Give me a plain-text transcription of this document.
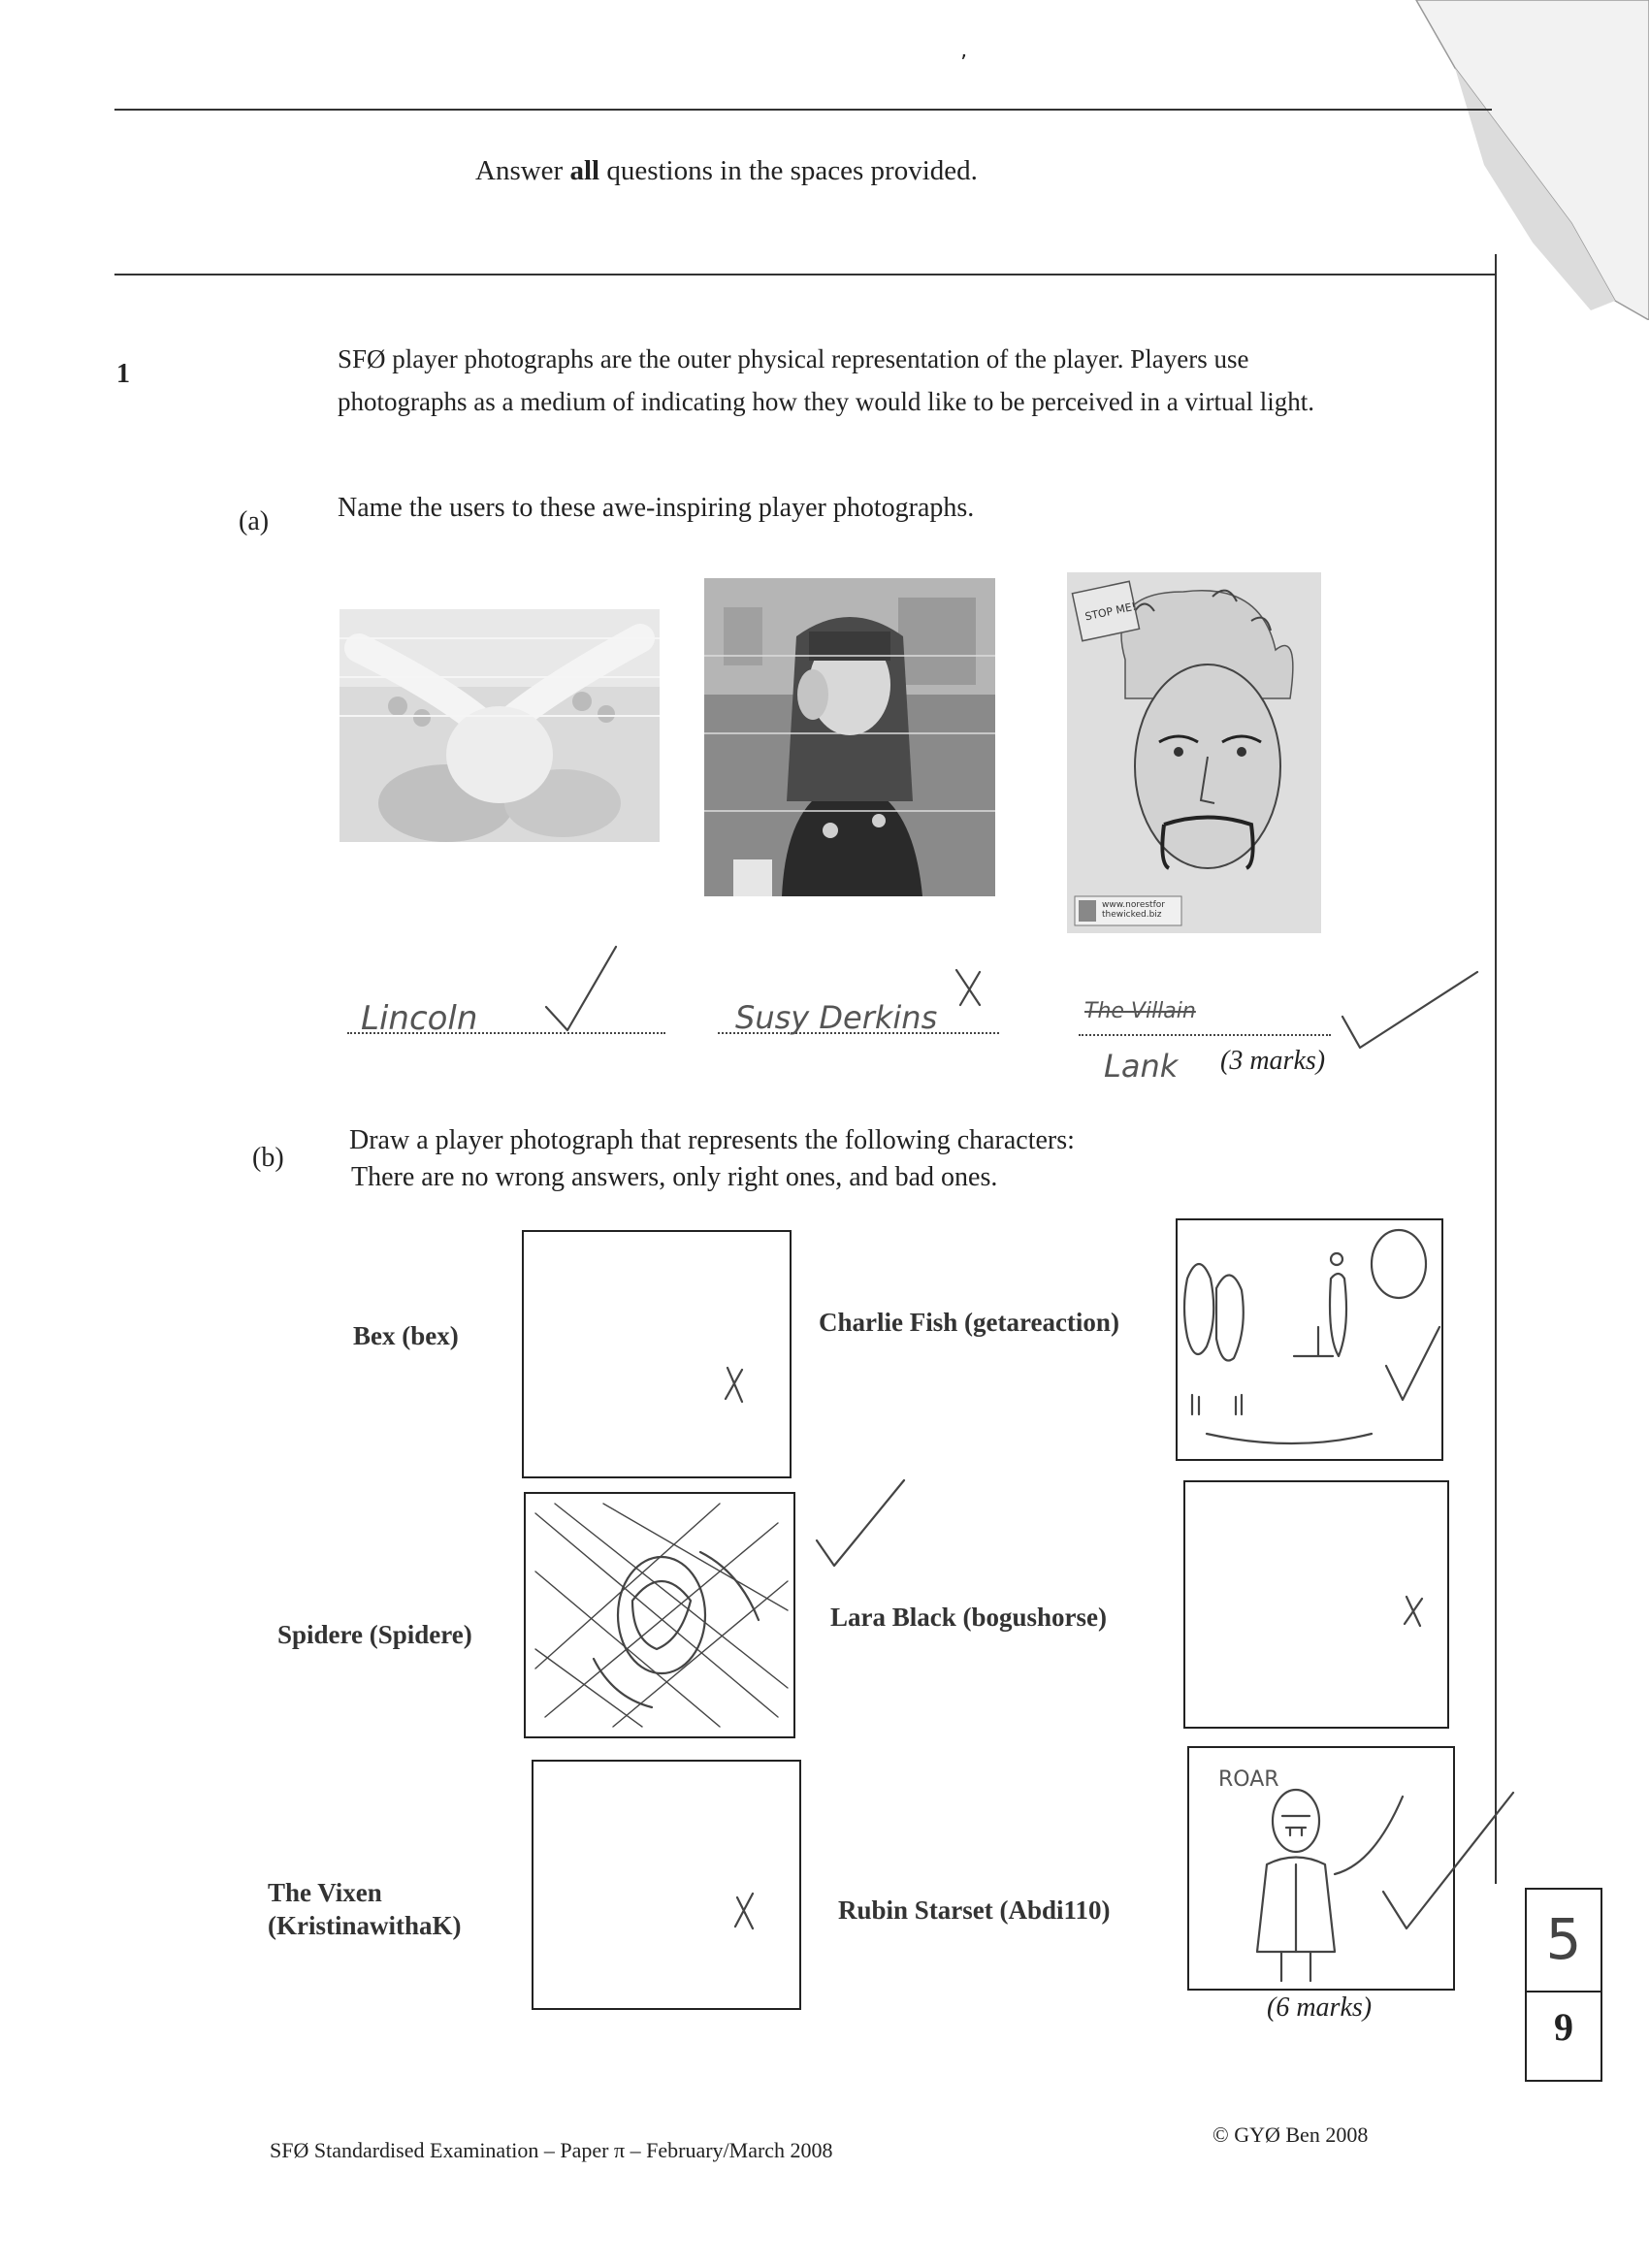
٬
Answer all questions in the spaces provided.
1	SFØ player photographs are the outer physical representation of the player. Players use photographs as a medium of indicating how they would like to be perceived in a virtual light.
(a)	Name the users to these awe-inspiring player photographs.
STOP ME!
www.norestfor thewicked.biz
Lincoln	Susy Derkins	The Villain
Lank (3 marks)
(b)
Draw a player photograph that represents the following characters:
There are no wrong answers, only right ones, and bad ones.
Bex (bex)	Charlie Fish (getareaction)
Spidere (Spidere)
Lara Black (bogushorse)
The Vixen (KristinawithaK)
Rubin Starset (Abdi110)
ROAR
(6 marks)
5
9
SFØ Standardised Examination – Paper π – February/March 2008
© GYØ Ben 2008
